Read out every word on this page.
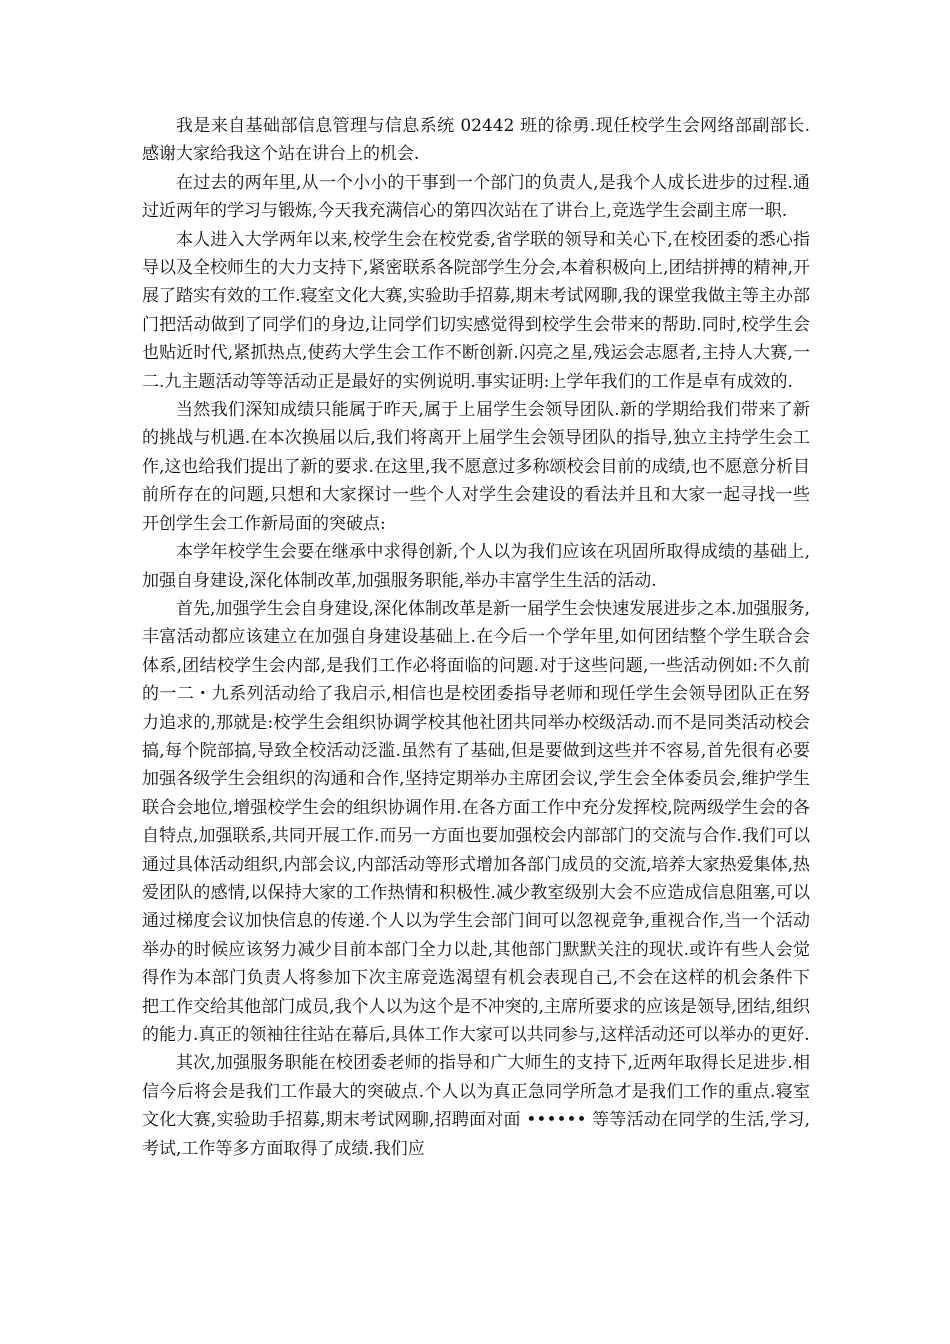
我是来自基础部信息管理与信息系统 02442 班的徐勇.现任校学生会网络部副部长.感谢大家给我这个站在讲台上的机会.

在过去的两年里,从一个小小的干事到一个部门的负责人,是我个人成长进步的过程.通过近两年的学习与锻炼,今天我充满信心的第四次站在了讲台上,竞选学生会副主席一职.

本人进入大学两年以来,校学生会在校党委,省学联的领导和关心下,在校团委的悉心指导以及全校师生的大力支持下,紧密联系各院部学生分会,本着积极向上,团结拼搏的精神,开展了踏实有效的工作.寝室文化大赛,实验助手招募,期末考试网聊,我的课堂我做主等主办部门把活动做到了同学们的身边,让同学们切实感觉得到校学生会带来的帮助.同时,校学生会也贴近时代,紧抓热点,使药大学生会工作不断创新.闪亮之星,残运会志愿者,主持人大赛,一二.九主题活动等等活动正是最好的实例说明.事实证明:上学年我们的工作是卓有成效的.

当然我们深知成绩只能属于昨天,属于上届学生会领导团队.新的学期给我们带来了新的挑战与机遇.在本次换届以后,我们将离开上届学生会领导团队的指导,独立主持学生会工作,这也给我们提出了新的要求.在这里,我不愿意过多称颂校会目前的成绩,也不愿意分析目前所存在的问题,只想和大家探讨一些个人对学生会建设的看法并且和大家一起寻找一些开创学生会工作新局面的突破点:

本学年校学生会要在继承中求得创新,个人以为我们应该在巩固所取得成绩的基础上,加强自身建设,深化体制改革,加强服务职能,举办丰富学生生活的活动.

首先,加强学生会自身建设,深化体制改革是新一届学生会快速发展进步之本.加强服务,丰富活动都应该建立在加强自身建设基础上.在今后一个学年里,如何团结整个学生联合会体系,团结校学生会内部,是我们工作必将面临的问题.对于这些问题,一些活动例如:不久前的一二・九系列活动给了我启示,相信也是校团委指导老师和现任学生会领导团队正在努力追求的,那就是:校学生会组织协调学校其他社团共同举办校级活动.而不是同类活动校会搞,每个院部搞,导致全校活动泛滥.虽然有了基础,但是要做到这些并不容易,首先很有必要加强各级学生会组织的沟通和合作,坚持定期举办主席团会议,学生会全体委员会,维护学生联合会地位,增强校学生会的组织协调作用.在各方面工作中充分发挥校,院两级学生会的各自特点,加强联系,共同开展工作.而另一方面也要加强校会内部部门的交流与合作.我们可以通过具体活动组织,内部会议,内部活动等形式增加各部门成员的交流,培养大家热爱集体,热爱团队的感情,以保持大家的工作热情和积极性.减少教室级别大会不应造成信息阻塞,可以通过梯度会议加快信息的传递.个人以为学生会部门间可以忽视竞争,重视合作,当一个活动举办的时候应该努力减少目前本部门全力以赴,其他部门默默关注的现状.或许有些人会觉得作为本部门负责人将参加下次主席竞选渴望有机会表现自己,不会在这样的机会条件下把工作交给其他部门成员,我个人以为这个是不冲突的,主席所要求的应该是领导,团结,组织的能力.真正的领袖往往站在幕后,具体工作大家可以共同参与,这样活动还可以举办的更好.

其次,加强服务职能在校团委老师的指导和广大师生的支持下,近两年取得长足进步.相信今后将会是我们工作最大的突破点.个人以为真正急同学所急才是我们工作的重点.寝室文化大赛,实验助手招募,期末考试网聊,招聘面对面 •••••• 等等活动在同学的生活,学习,考试,工作等多方面取得了成绩.我们应
